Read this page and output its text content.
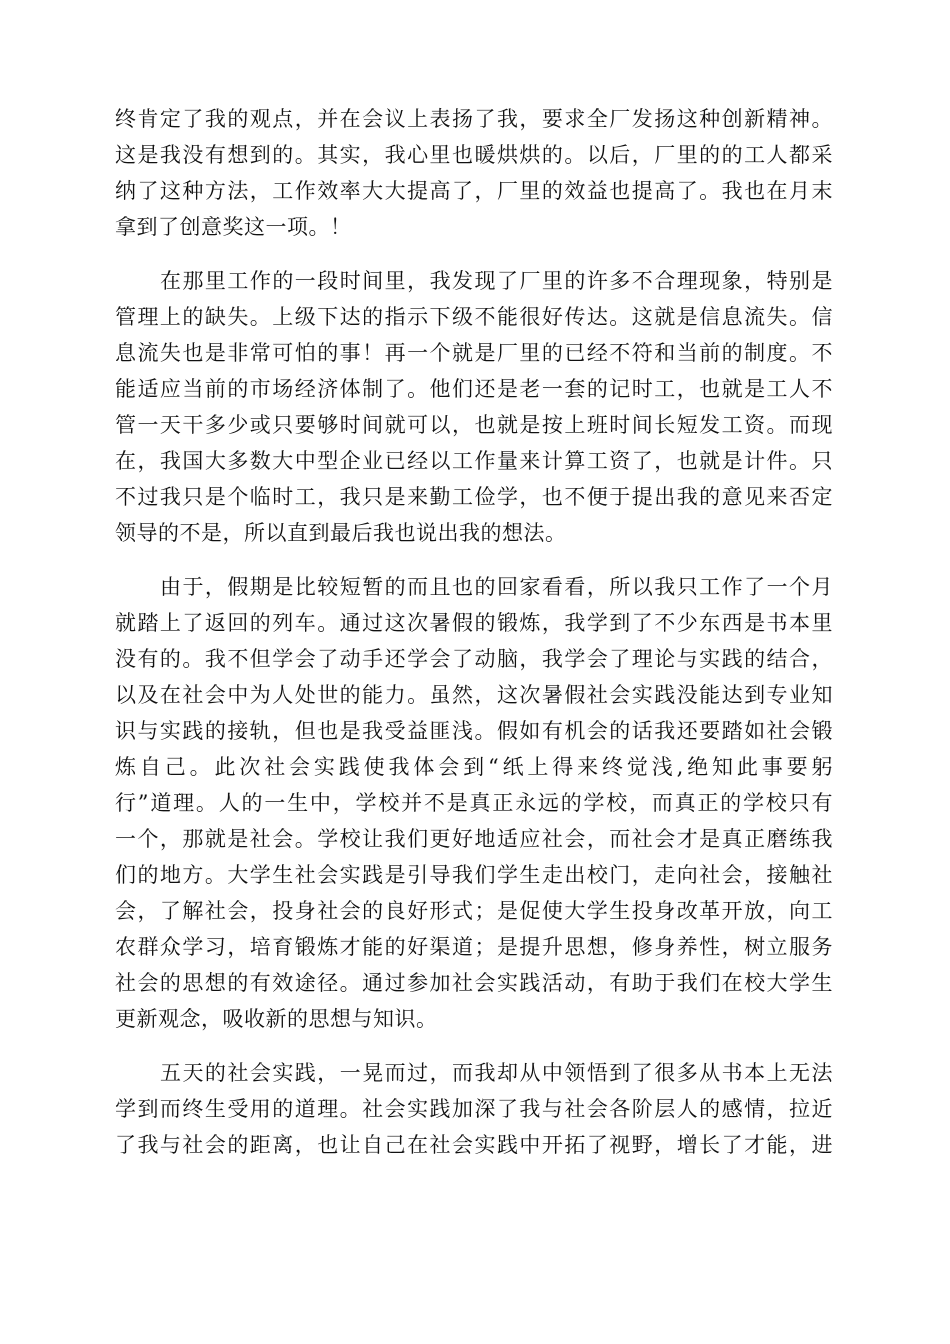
终肯定了我的观点，并在会议上表扬了我，要求全厂发扬这种创新精神。
这是我没有想到的。其实，我心里也暖烘烘的。以后，厂里的的工人都采
纳了这种方法，工作效率大大提高了，厂里的效益也提高了。我也在月末
拿到了创意奖这一项。！
在那里工作的一段时间里，我发现了厂里的许多不合理现象，特别是
管理上的缺失。上级下达的指示下级不能很好传达。这就是信息流失。信
息流失也是非常可怕的事！再一个就是厂里的已经不符和当前的制度。不
能适应当前的市场经济体制了。他们还是老一套的记时工，也就是工人不
管一天干多少或只要够时间就可以，也就是按上班时间长短发工资。而现
在，我国大多数大中型企业已经以工作量来计算工资了，也就是计件。只
不过我只是个临时工，我只是来勤工俭学，也不便于提出我的意见来否定
领导的不是，所以直到最后我也说出我的想法。
由于，假期是比较短暂的而且也的回家看看，所以我只工作了一个月
就踏上了返回的列车。通过这次暑假的锻炼，我学到了不少东西是书本里
没有的。我不但学会了动手还学会了动脑，我学会了理论与实践的结合，
以及在社会中为人处世的能力。虽然，这次暑假社会实践没能达到专业知
识与实践的接轨，但也是我受益匪浅。假如有机会的话我还要踏如社会锻
炼自己。此次社会实践使我体会到“纸上得来终觉浅,绝知此事要躬
行”道理。人的一生中，学校并不是真正永远的学校，而真正的学校只有
一个，那就是社会。学校让我们更好地适应社会，而社会才是真正磨练我
们的地方。大学生社会实践是引导我们学生走出校门，走向社会，接触社
会，了解社会，投身社会的良好形式；是促使大学生投身改革开放，向工
农群众学习，培育锻炼才能的好渠道；是提升思想，修身养性，树立服务
社会的思想的有效途径。通过参加社会实践活动，有助于我们在校大学生
更新观念，吸收新的思想与知识。
五天的社会实践，一晃而过，而我却从中领悟到了很多从书本上无法
学到而终生受用的道理。社会实践加深了我与社会各阶层人的感情，拉近
了我与社会的距离，也让自己在社会实践中开拓了视野，增长了才能，进
